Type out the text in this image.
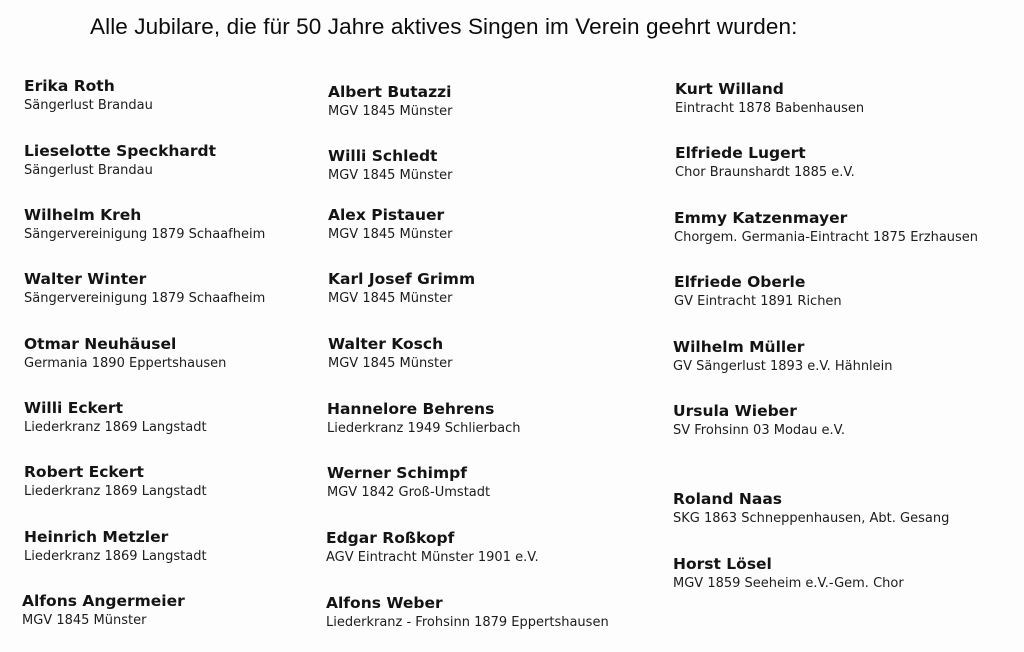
Alle Jubilare, die für 50 Jahre aktives Singen im Verein geehrt wurden:
Erika Roth
Sängerlust Brandau
Lieselotte Speckhardt
Sängerlust Brandau
Wilhelm Kreh
Sängervereinigung 1879 Schaafheim
Walter Winter
Sängervereinigung 1879 Schaafheim
Otmar Neuhäusel
Germania 1890 Eppertshausen
Willi Eckert
Liederkranz 1869 Langstadt
Robert Eckert
Liederkranz 1869 Langstadt
Heinrich Metzler
Liederkranz 1869 Langstadt
Alfons Angermeier
MGV 1845 Münster
Albert Butazzi
MGV 1845 Münster
Willi Schledt
MGV 1845 Münster
Alex Pistauer
MGV 1845 Münster
Karl Josef Grimm
MGV 1845 Münster
Walter Kosch
MGV 1845 Münster
Hannelore Behrens
Liederkranz 1949 Schlierbach
Werner Schimpf
MGV 1842 Groß-Umstadt
Edgar Roßkopf
AGV Eintracht Münster 1901 e.V.
Alfons Weber
Liederkranz - Frohsinn 1879 Eppertshausen
Kurt Willand
Eintracht 1878 Babenhausen
Elfriede Lugert
Chor Braunshardt 1885 e.V.
Emmy Katzenmayer
Chorgem. Germania-Eintracht 1875 Erzhausen
Elfriede Oberle
GV Eintracht 1891 Richen
Wilhelm Müller
GV Sängerlust 1893 e.V. Hähnlein
Ursula Wieber
SV Frohsinn 03 Modau e.V.
Roland Naas
SKG 1863 Schneppenhausen, Abt. Gesang
Horst Lösel
MGV 1859 Seeheim e.V.-Gem. Chor
